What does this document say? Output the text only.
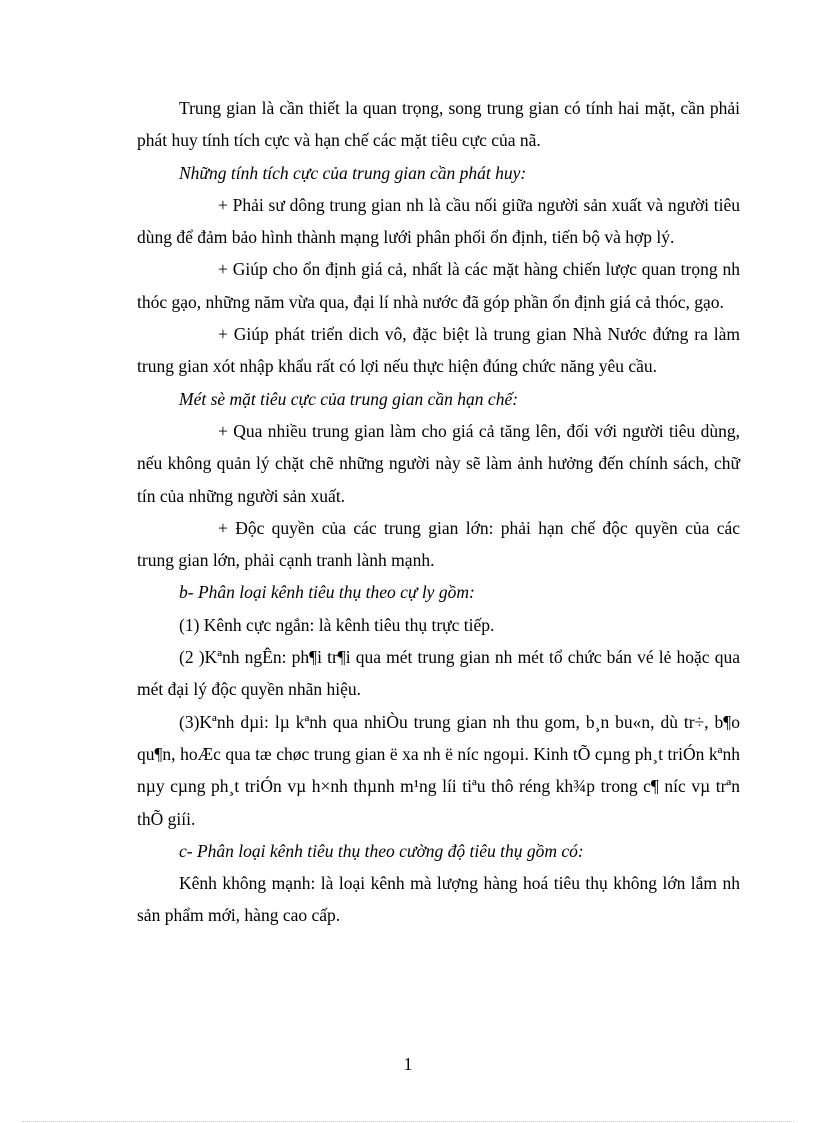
Trung gian là cần thiết la quan trọng, song trung gian có tính hai mặt, cần phải phát huy tính tích cực và hạn chế các mặt tiêu cực của nã.

Những tính tích cực của trung gian cần phát huy:

+ Phải sư dông trung gian nh là cầu nối giữa người sản xuất và người tiêu dùng để đảm bảo hình thành mạng lưới phân phối ổn định, tiến bộ và hợp lý.

+ Giúp cho ổn định giá cả, nhất là các mặt hàng chiến lược quan trọng nh thóc gạo, những năm vừa qua, đại lí nhà nước đã góp phần ổn định giá cả thóc, gạo.

+ Giúp phát triển dich vô, đặc biệt là trung gian Nhà Nước đứng ra làm trung gian xót nhập khẩu rất có lợi nếu thực hiện đúng chức năng yêu cầu.

Mét sè mặt tiêu cực của trung gian cần hạn chế:

+ Qua nhiều trung gian làm cho giá cả tăng lên, đối với người tiêu dùng, nếu không quản lý chặt chẽ những người này sẽ làm ảnh hưởng đến chính sách, chữ tín của những người sản xuất.

+ Độc quyền của các trung gian lớn: phải hạn chế độc quyền của các trung gian lớn, phải cạnh tranh lành mạnh.

b- Phân loại kênh tiêu thụ theo cự ly gồm:

(1) Kênh cực ngắn: là kênh tiêu thụ trực tiếp.

(2 )Kªnh ngÊn: ph¶i tr¶i qua mét trung gian nh mét tổ chức bán vé lẻ hoặc qua mét đại lý độc quyền nhãn hiệu.

(3)Kªnh dµi: lµ kªnh qua nhiÒu trung gian nh thu gom, b¸n bu«n, dù tr÷, b¶o qu¶n, hoÆc qua tæ chøc trung gian ë xa nh ë níc ngoµi. Kinh tÕ cµng ph¸t triÓn kªnh nµy cµng ph¸t triÓn vµ h×nh thµnh m¹ng líi tiªu thô réng kh¾p trong c¶ níc vµ trªn thÕ giíi.

c- Phân loại kênh tiêu thụ theo cường độ tiêu thụ gồm có:

Kênh không mạnh: là loại kênh mà lượng hàng hoá tiêu thụ không lớn lắm nh sản phẩm mới, hàng cao cấp.

1
